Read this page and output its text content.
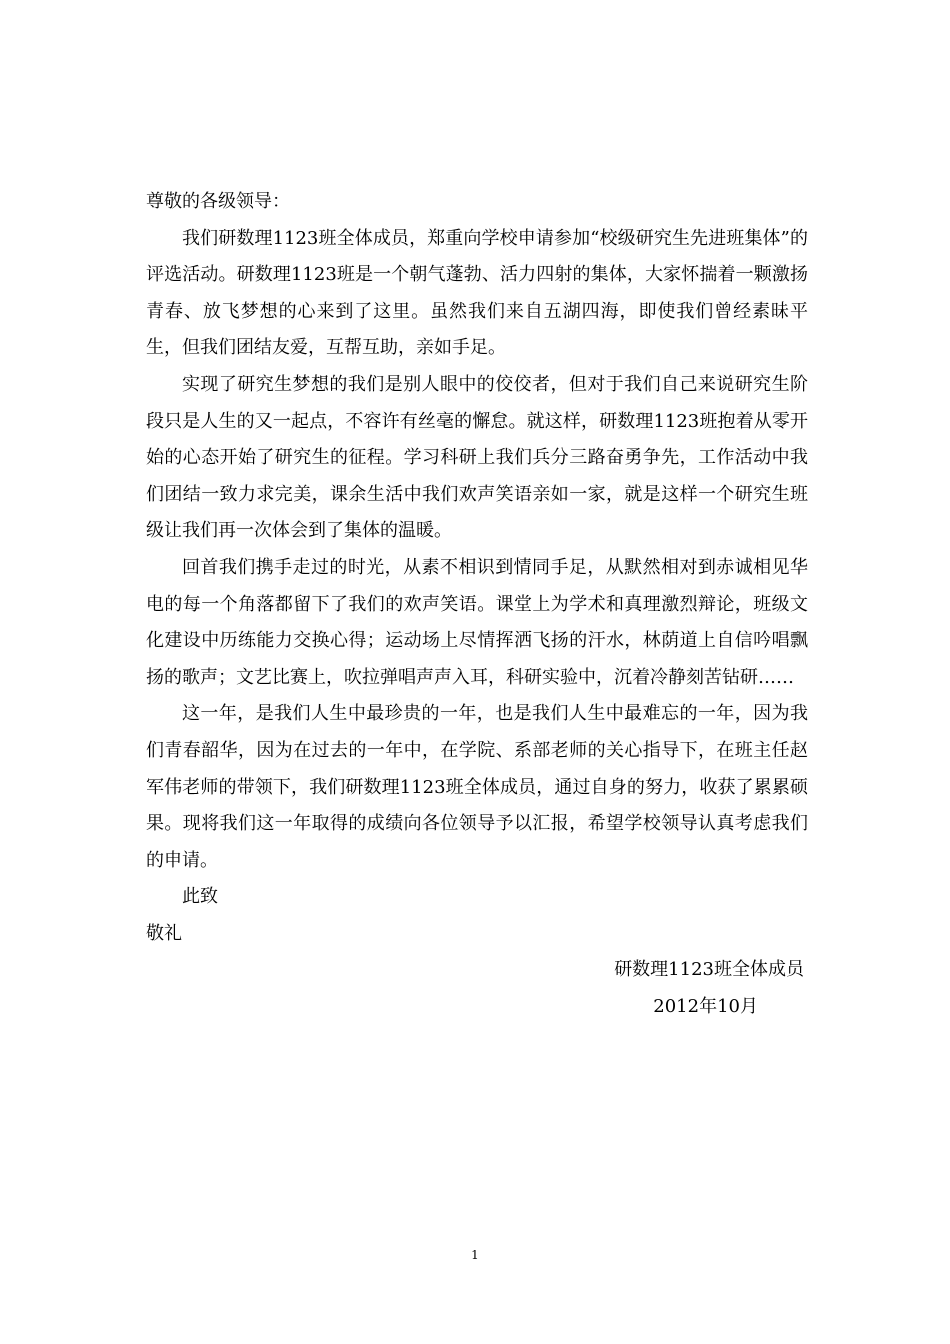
尊敬的各级领导：

我们研数理1123班全体成员，郑重向学校申请参加“校级研究生先进班集体”的评选活动。研数理1123班是一个朝气蓬勃、活力四射的集体，大家怀揣着一颗激扬青春、放飞梦想的心来到了这里。虽然我们来自五湖四海，即使我们曾经素昧平生，但我们团结友爱，互帮互助，亲如手足。

实现了研究生梦想的我们是别人眼中的佼佼者，但对于我们自己来说研究生阶段只是人生的又一起点，不容许有丝毫的懈怠。就这样，研数理1123班抱着从零开始的心态开始了研究生的征程。学习科研上我们兵分三路奋勇争先，工作活动中我们团结一致力求完美，课余生活中我们欢声笑语亲如一家，就是这样一个研究生班级让我们再一次体会到了集体的温暖。

回首我们携手走过的时光，从素不相识到情同手足，从默然相对到赤诚相见华电的每一个角落都留下了我们的欢声笑语。课堂上为学术和真理激烈辩论，班级文化建设中历练能力交换心得；运动场上尽情挥洒飞扬的汗水，林荫道上自信吟唱飘扬的歌声；文艺比赛上，吹拉弹唱声声入耳，科研实验中，沉着冷静刻苦钻研……

这一年，是我们人生中最珍贵的一年，也是我们人生中最难忘的一年，因为我们青春韶华，因为在过去的一年中，在学院、系部老师的关心指导下，在班主任赵军伟老师的带领下，我们研数理1123班全体成员，通过自身的努力，收获了累累硕果。现将我们这一年取得的成绩向各位领导予以汇报，希望学校领导认真考虑我们的申请。

此致

敬礼

研数理1123班全体成员

2012年10月

1
